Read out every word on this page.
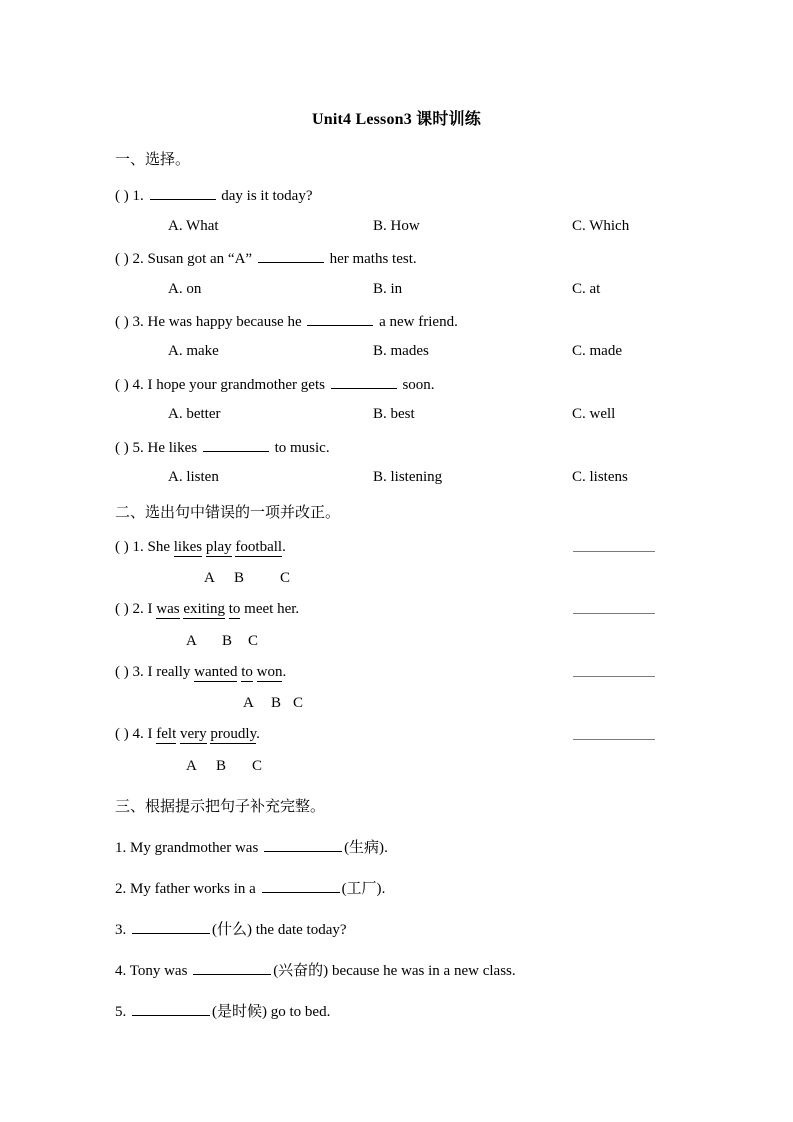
Unit4 Lesson3 课时训练
一、选择。
( ) 1.	day is it today?
A. What	B. How	C. Which
( ) 2. Susan got an “A”	her maths test.
A. on	B. in	C. at
( ) 3. He was happy because he	a new friend.
A. make	B. mades	C. made
( ) 4. I hope your grandmother gets	soon.
A. better	B. best	C. well
( ) 5. He likes	to music.
A. listen	B. listening	C. listens
二、选出句中错误的一项并改正。
( ) 1. She likes play football.
A B C
( ) 2. I was exiting to meet her.
A B C
( ) 3. I really wanted to won.
A B C
( ) 4. I felt very proudly.
A B C
三、根据提示把句子补充完整。
1. My grandmother was	(生病).
2. My father works in a	(工厂).
3.	(什么) the date today?
4. Tony was	(兴奋的) because he was in a new class.
5.	(是时候) go to bed.
